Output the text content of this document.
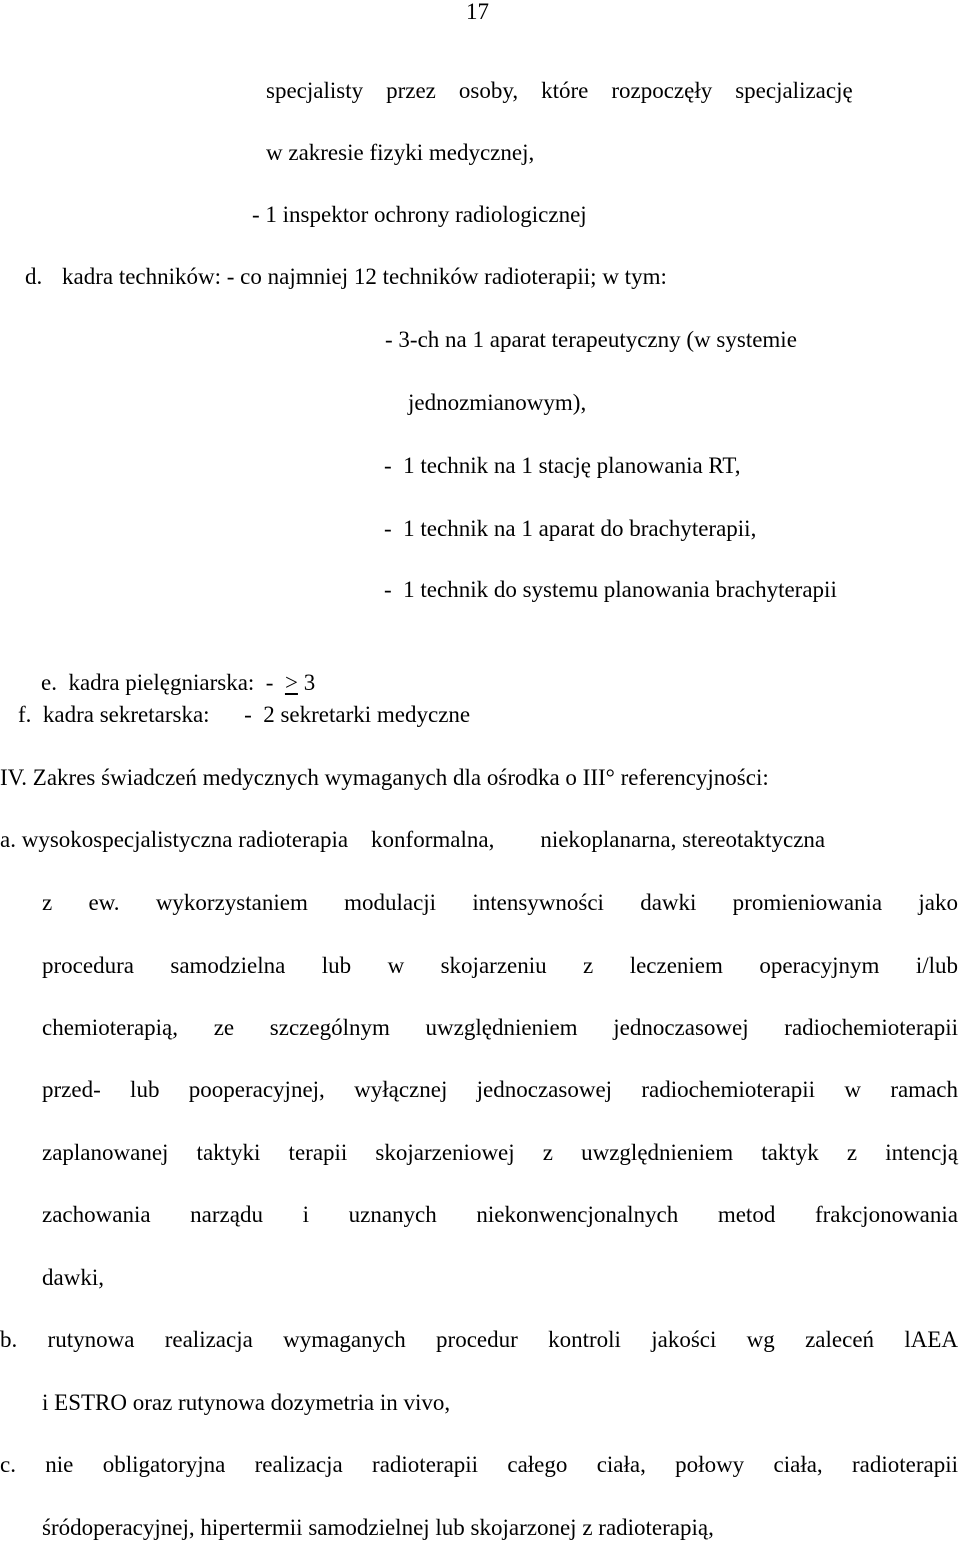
17
specjalisty    przez    osoby,    które    rozpoczęły    specjalizację
w zakresie fizyki medycznej,
- 1 inspektor ochrony radiologicznej
d. kadra techników: - co najmniej 12 techników radioterapii; w tym:
- 3-ch na 1 aparat terapeutyczny (w systemie
jednozmianowym),
-  1 technik na 1 stację planowania RT,
-  1 technik na 1 aparat do brachyterapii,
-  1 technik do systemu planowania brachyterapii

e.  kadra pielęgniarska:  -  ≥ 3

f.  kadra sekretarska:      -  2 sekretarki medyczne
IV. Zakres świadczeń medycznych wymaganych dla ośrodka o III° referencyjności:
a. wysokospecjalistyczna radioterapia    konformalna,        niekoplanarna, stereotaktyczna
z ew. wykorzystaniem modulacji intensywności dawki promieniowania jako
procedura samodzielna lub w skojarzeniu z leczeniem operacyjnym i/lub
chemioterapią, ze szczególnym uwzględnieniem jednoczasowej radiochemioterapii
przed- lub pooperacyjnej, wyłącznej jednoczasowej radiochemioterapii w ramach
zaplanowanej taktyki terapii skojarzeniowej z uwzględnieniem taktyk z intencją
zachowania narządu i uznanych niekonwencjonalnych metod frakcjonowania
dawki,
b. rutynowa realizacja wymaganych procedur kontroli jakości wg zaleceń lAEA
i ESTRO oraz rutynowa dozymetria in vivo,
c. nie obligatoryjna realizacja radioterapii całego ciała, połowy ciała, radioterapii
śródoperacyjnej, hipertermii samodzielnej lub skojarzonej z radioterapią,
